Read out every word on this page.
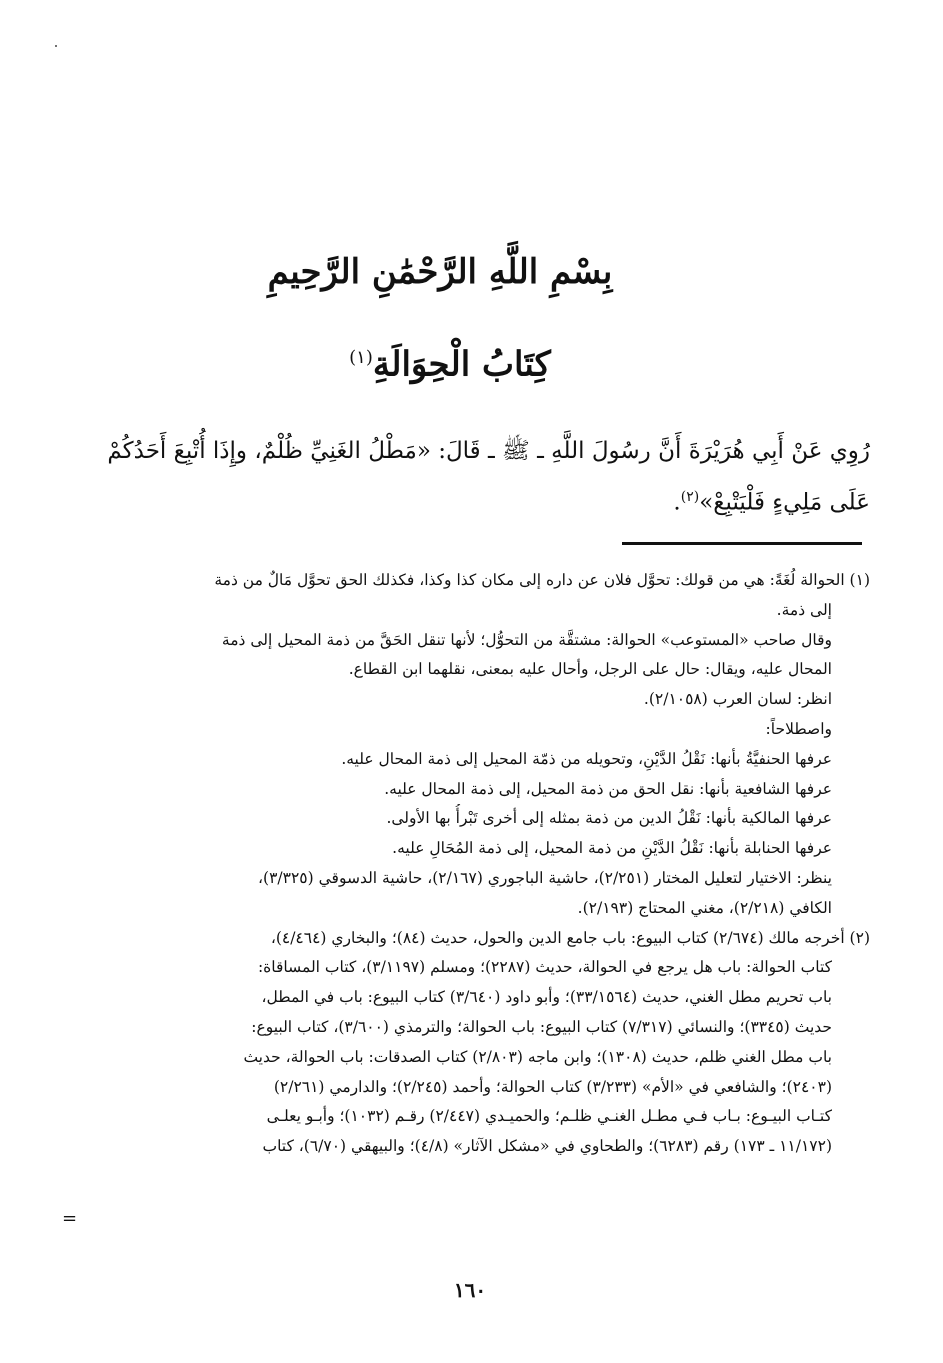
بِسْمِ اللَّهِ الرَّحْمَٰنِ الرَّحِيمِ
كِتَابُ الْحِوَالَةِ$^{(١)}$
رُوِي عَنْ أَبِي هُرَيْرَةَ أَنَّ رسُولَ اللَّهِ ـ ﷺ ـ قَالَ: «مَطْلُ الغَنِيِّ ظُلْمٌ، وإِذَا أُتْبِعَ أَحَدُكُمْ
عَلَى مَلِيءٍ فَلْيَتْبِعْ»$^{(٢)}$.
(١) الحوالة لُغَةً: هي من قولك: تحوَّل فلان عن داره إلى مكان كذا وكذا، فكذلك الحق تحوَّل مَالٌ من ذمة
إلى ذمة.
وقال صاحب «المستوعب» الحوالة: مشتقَّة من التحوُّل؛ لأنها تنقل الحَقَّ من ذمة المحيل إلى ذمة
المحال عليه، ويقال: حال على الرجل، وأحال عليه بمعنى، نقلهما ابن القطاع.
انظر: لسان العرب (٢/١٠٥٨).
واصطلاحاً:
عرفها الحنفيَّةُ بأنها: نَقْلُ الدَّيْنِ، وتحويله من ذمّة المحيل إلى ذمة المحال عليه.
عرفها الشافعية بأنها: نقل الحق من ذمة المحيل، إلى ذمة المحال عليه.
عرفها المالكية بأنها: نَقْلُ الدين من ذمة بمثله إلى أخرى تَبْرأُ بها الأولى.
عرفها الحنابلة بأنها: نَقْلُ الدَّيْنِ من ذمة المحيل، إلى ذمة المُحَالِ عليه.
ينظر: الاختيار لتعليل المختار (٢/٢٥١)، حاشية الباجوري (٢/١٦٧)، حاشية الدسوقي (٣/٣٢٥)،
الكافي (٢/٢١٨)، مغني المحتاج (٢/١٩٣).
(٢) أخرجه مالك (٢/٦٧٤) كتاب البيوع: باب جامع الدين والحول، حديث (٨٤)؛ والبخاري (٤/٤٦٤)،
كتاب الحوالة: باب هل يرجع في الحوالة، حديث (٢٢٨٧)؛ ومسلم (٣/١١٩٧)، كتاب المساقاة:
باب تحريم مطل الغني، حديث (٣٣/١٥٦٤)؛ وأبو داود (٣/٦٤٠) كتاب البيوع: باب في المطل،
حديث (٣٣٤٥)؛ والنسائي (٧/٣١٧) كتاب البيوع: باب الحوالة؛ والترمذي (٣/٦٠٠)، كتاب البيوع:
باب مطل الغني ظلم، حديث (١٣٠٨)؛ وابن ماجه (٢/٨٠٣) كتاب الصدقات: باب الحوالة، حديث
(٢٤٠٣)؛ والشافعي في «الأم» (٣/٢٣٣) كتاب الحوالة؛ وأحمد (٢/٢٤٥)؛ والدارمي (٢/٢٦١)
كتـاب البيـوع: بـاب فـي مطـل الغنـي ظلـم؛ والحميـدي (٢/٤٤٧) رقـم (١٠٣٢)؛ وأبـو يعلـى
(١١/١٧٢ ـ ١٧٣) رقم (٦٢٨٣)؛ والطحاوي في «مشكل الآثار» (٤/٨)؛ والبيهقي (٦/٧٠)، كتاب
=
١٦٠
